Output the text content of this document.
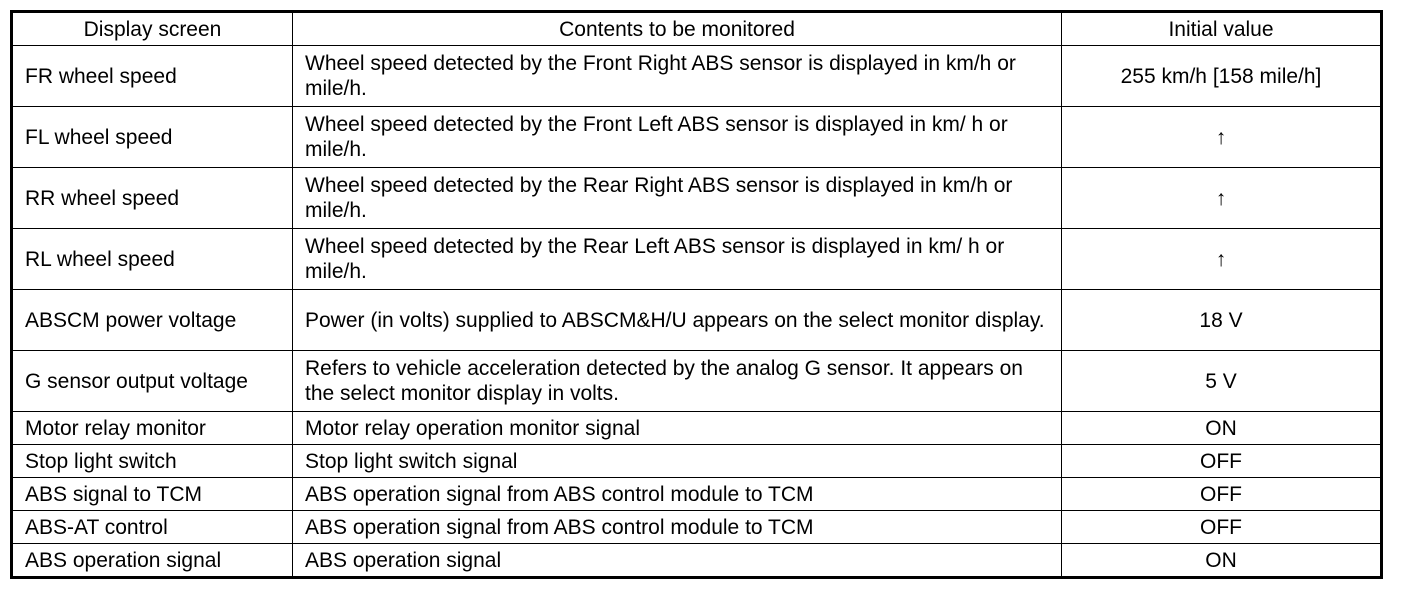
Display screen	Contents to be monitored	Initial value
FR wheel speed	Wheel speed detected by the Front Right ABS sensor is displayed in km/h or mile/h.	255 km/h [158 mile/h]
FL wheel speed	Wheel speed detected by the Front Left ABS sensor is displayed in km/ h or mile/h.	↑
RR wheel speed	Wheel speed detected by the Rear Right ABS sensor is displayed in km/h or mile/h.	↑
RL wheel speed	Wheel speed detected by the Rear Left ABS sensor is displayed in km/ h or mile/h.	↑
ABSCM power voltage	Power (in volts) supplied to ABSCM&H/U appears on the select monitor display.	18 V
G sensor output voltage	Refers to vehicle acceleration detected by the analog G sensor. It appears on the select monitor display in volts.	5 V
Motor relay monitor	Motor relay operation monitor signal	ON
Stop light switch	Stop light switch signal	OFF
ABS signal to TCM	ABS operation signal from ABS control module to TCM	OFF
ABS-AT control	ABS operation signal from ABS control module to TCM	OFF
ABS operation signal	ABS operation signal	ON
